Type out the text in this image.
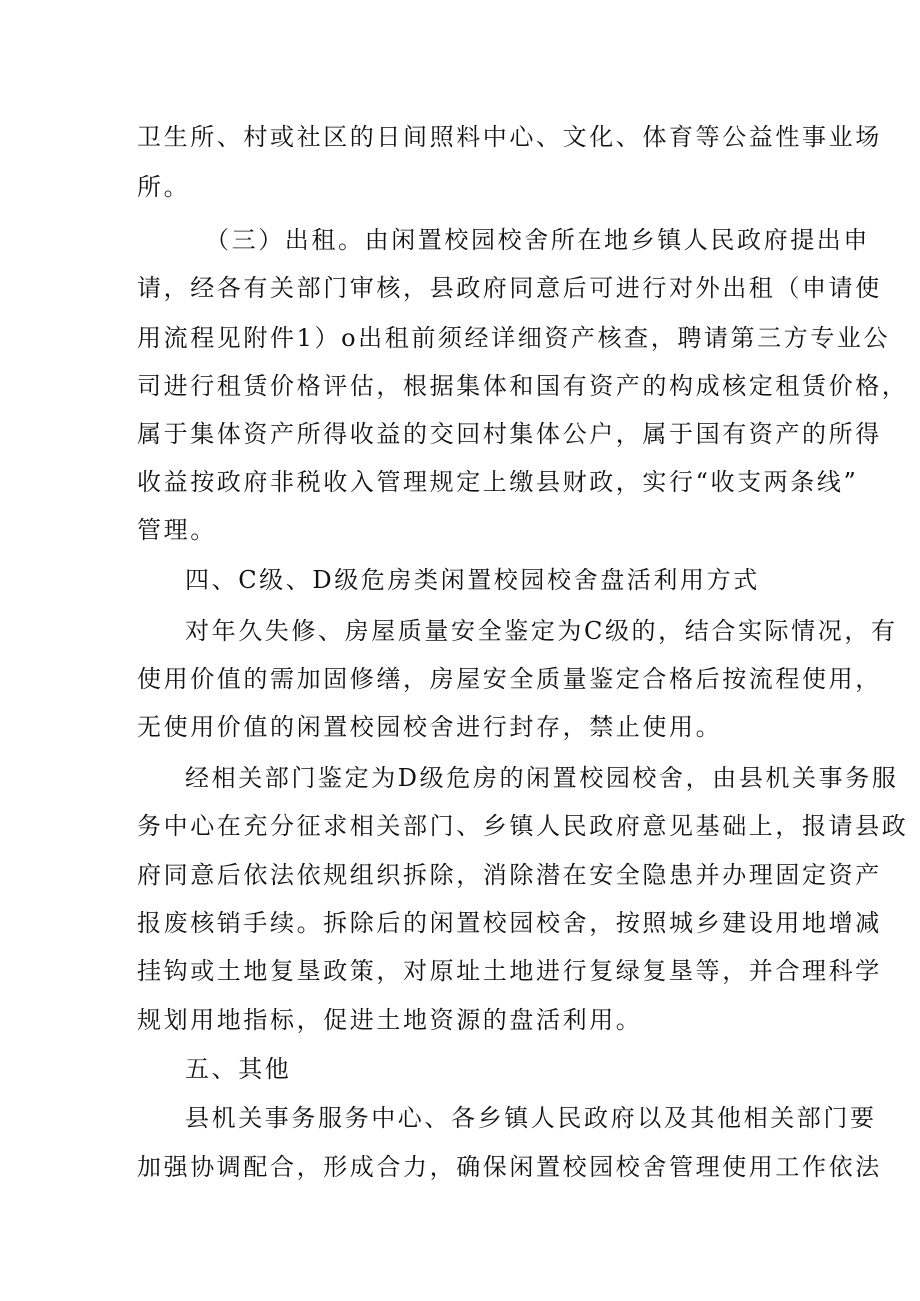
卫生所、村或社区的日间照料中心、文化、体育等公益性事业场
所。
（三）出租。由闲置校园校舍所在地乡镇人民政府提出申
请，经各有关部门审核，县政府同意后可进行对外出租（申请使
用流程见附件1）o出租前须经详细资产核查，聘请第三方专业公
司进行租赁价格评估，根据集体和国有资产的构成核定租赁价格，
属于集体资产所得收益的交回村集体公户，属于国有资产的所得
收益按政府非税收入管理规定上缴县财政，实行“收支两条线”
管理。
四、C级、D级危房类闲置校园校舍盘活利用方式
对年久失修、房屋质量安全鉴定为C级的，结合实际情况，有
使用价值的需加固修缮，房屋安全质量鉴定合格后按流程使用，
无使用价值的闲置校园校舍进行封存，禁止使用。
经相关部门鉴定为D级危房的闲置校园校舍，由县机关事务服
务中心在充分征求相关部门、乡镇人民政府意见基础上，报请县政
府同意后依法依规组织拆除，消除潜在安全隐患并办理固定资产
报废核销手续。拆除后的闲置校园校舍，按照城乡建设用地增减
挂钩或土地复垦政策，对原址土地进行复绿复垦等，并合理科学
规划用地指标，促进土地资源的盘活利用。
五、其他
县机关事务服务中心、各乡镇人民政府以及其他相关部门要
加强协调配合，形成合力，确保闲置校园校舍管理使用工作依法
